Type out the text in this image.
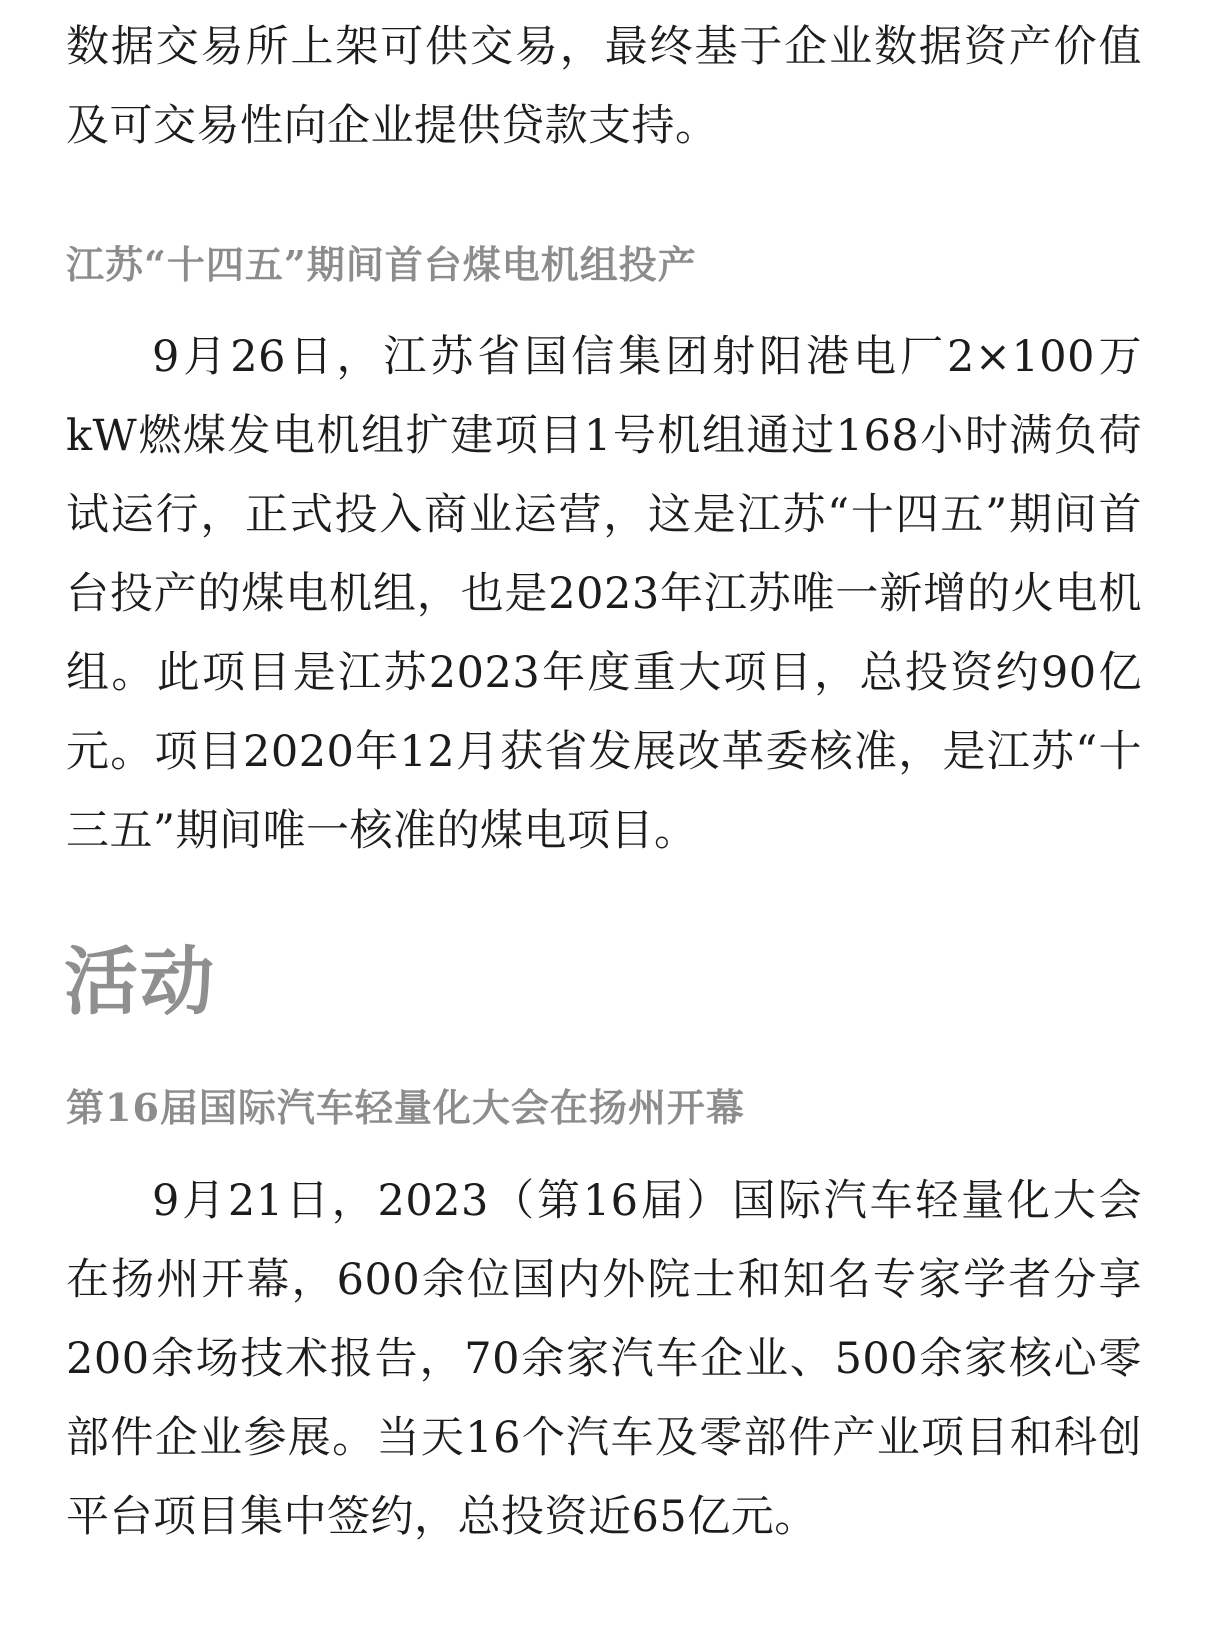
数据交易所上架可供交易，最终基于企业数据资产价值及可交易性向企业提供贷款支持。

江苏“十四五”期间首台煤电机组投产

9月26日，江苏省国信集团射阳港电厂2×100万kW燃煤发电机组扩建项目1号机组通过168小时满负荷试运行，正式投入商业运营，这是江苏“十四五”期间首台投产的煤电机组，也是2023年江苏唯一新增的火电机组。此项目是江苏2023年度重大项目，总投资约90亿元。项目2020年12月获省发展改革委核准，是江苏“十三五”期间唯一核准的煤电项目。

活动
第16届国际汽车轻量化大会在扬州开幕

9月21日，2023（第16届）国际汽车轻量化大会在扬州开幕，600余位国内外院士和知名专家学者分享200余场技术报告，70余家汽车企业、500余家核心零部件企业参展。当天16个汽车及零部件产业项目和科创平台项目集中签约，总投资近65亿元。
